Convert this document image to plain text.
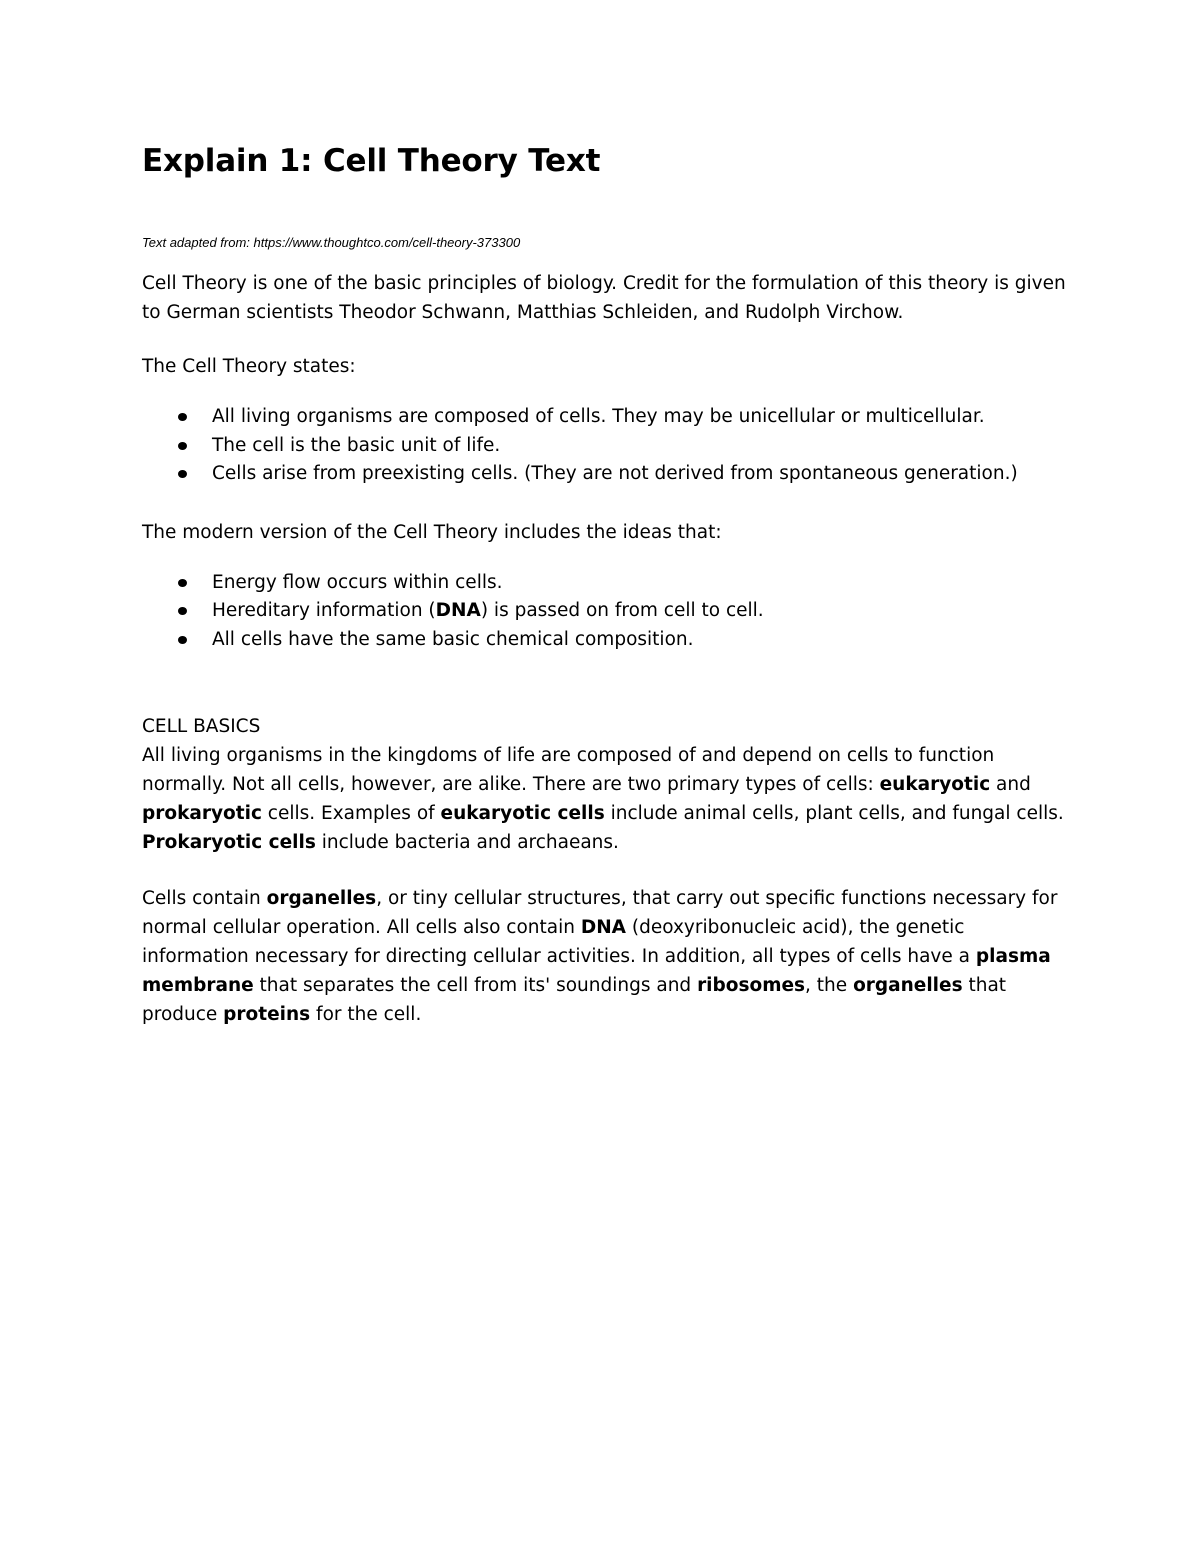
Explain 1: Cell Theory Text

Text adapted from: https://www.thoughtco.com/cell-theory-373300

Cell Theory is one of the basic principles of biology. Credit for the formulation of this theory is given to German scientists Theodor Schwann, Matthias Schleiden, and Rudolph Virchow.

The Cell Theory states:

All living organisms are composed of cells. They may be unicellular or multicellular.
The cell is the basic unit of life.
Cells arise from preexisting cells. (They are not derived from spontaneous generation.)

The modern version of the Cell Theory includes the ideas that:

Energy flow occurs within cells.
Hereditary information (DNA) is passed on from cell to cell.
All cells have the same basic chemical composition.
CELL BASICS

All living organisms in the kingdoms of life are composed of and depend on cells to function normally. Not all cells, however, are alike. There are two primary types of cells: eukaryotic and prokaryotic cells. Examples of eukaryotic cells include animal cells, plant cells, and fungal cells. Prokaryotic cells include bacteria and archaeans.

Cells contain organelles, or tiny cellular structures, that carry out specific functions necessary for normal cellular operation. All cells also contain DNA (deoxyribonucleic acid), the genetic information necessary for directing cellular activities. In addition, all types of cells have a plasma membrane that separates the cell from its' soundings and ribosomes, the organelles that produce proteins for the cell.
